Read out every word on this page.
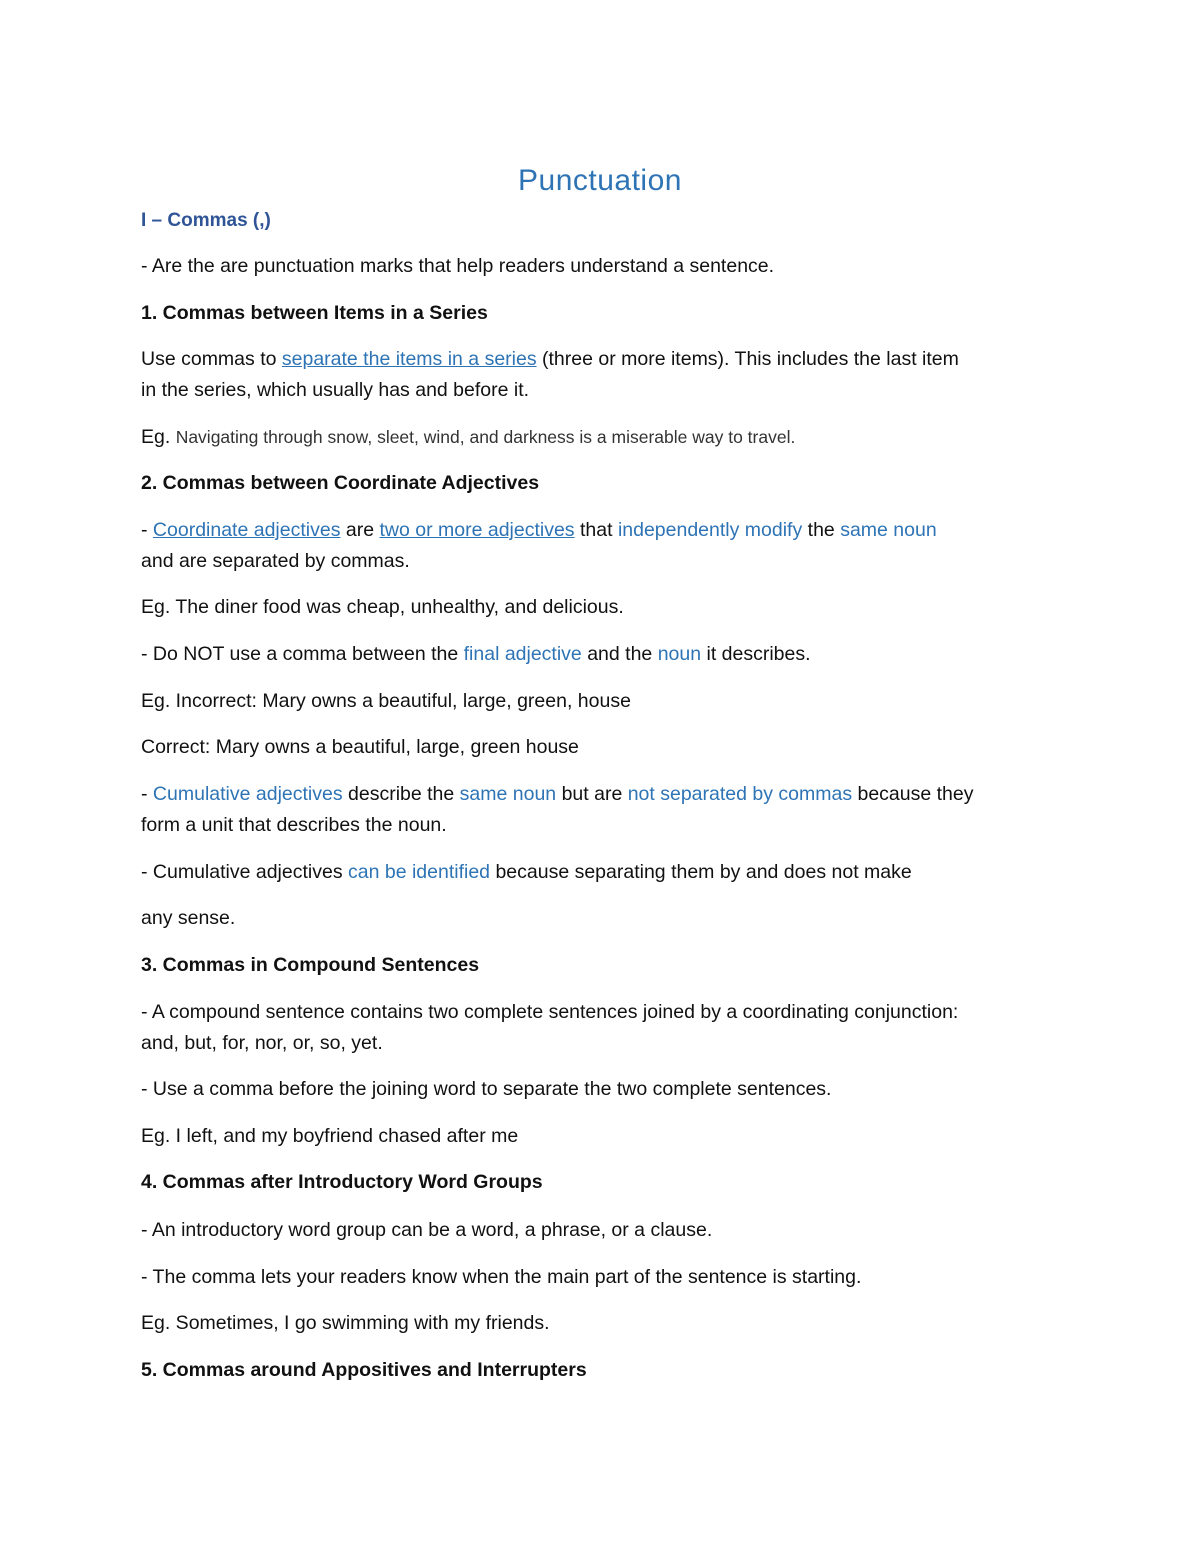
Punctuation

I – Commas (,)

- Are the are punctuation marks that help readers understand a sentence.

1. Commas between Items in a Series

Use commas to separate the items in a series (three or more items). This includes the last item

in the series, which usually has and before it.

Eg. Navigating through snow, sleet, wind, and darkness is a miserable way to travel.

2. Commas between Coordinate Adjectives

- Coordinate adjectives are two or more adjectives that independently modify the same noun

and are separated by commas.

Eg. The diner food was cheap, unhealthy, and delicious.

- Do NOT use a comma between the final adjective and the noun it describes.

Eg. Incorrect: Mary owns a beautiful, large, green, house

Correct: Mary owns a beautiful, large, green house

- Cumulative adjectives describe the same noun but are not separated by commas because they

form a unit that describes the noun.

- Cumulative adjectives can be identified because separating them by and does not make

any sense.

3. Commas in Compound Sentences

- A compound sentence contains two complete sentences joined by a coordinating conjunction:

and, but, for, nor, or, so, yet.

- Use a comma before the joining word to separate the two complete sentences.

Eg. I left, and my boyfriend chased after me

4. Commas after Introductory Word Groups

- An introductory word group can be a word, a phrase, or a clause.

- The comma lets your readers know when the main part of the sentence is starting.

Eg. Sometimes, I go swimming with my friends.

5. Commas around Appositives and Interrupters
